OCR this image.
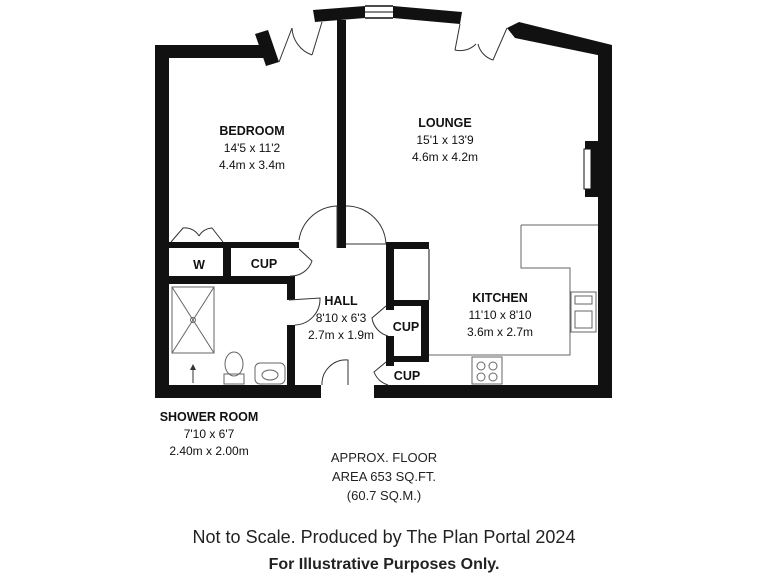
BEDROOM
14'5 x 11'2
4.4m x 3.4m
LOUNGE
15'1 x 13'9
4.6m x 4.2m
KITCHEN
11'10 x 8'10
3.6m x 2.7m
HALL
8'10 x 6'3
2.7m x 1.9m
W	CUP
CUP
CUP
SHOWER ROOM
7'10 x 6'7
2.40m x 2.00m	APPROX. FLOOR
AREA 653 SQ.FT.
(60.7 SQ.M.)
Not to Scale. Produced by The Plan Portal 2024
For Illustrative Purposes Only.
